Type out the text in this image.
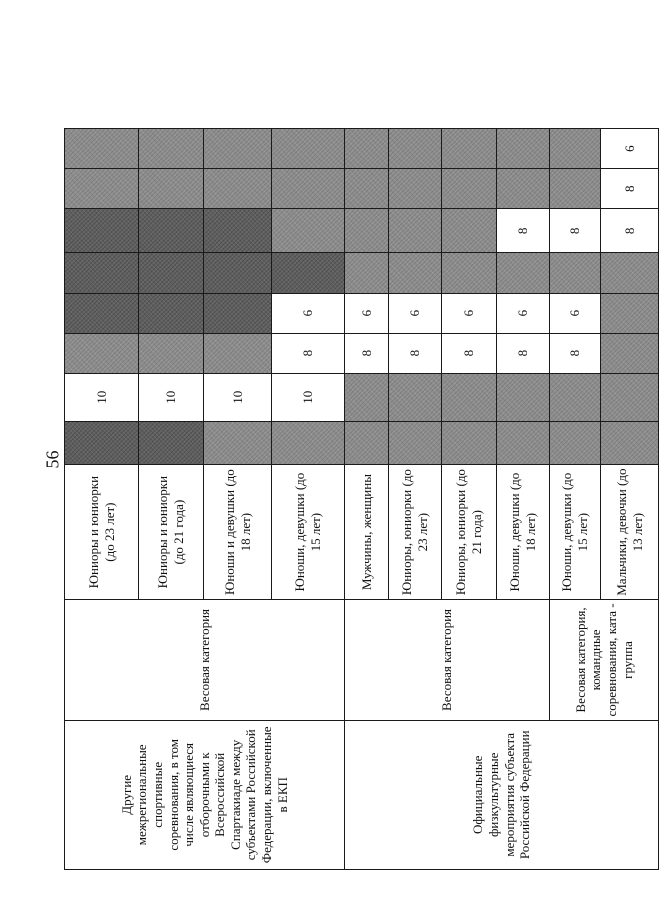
56

Другие межрегиональные спортивные соревнования, в том числе являющиеся отборочными к Всероссийской Спартакиаде между субъектами Российской Федерации, включенные в ЕКП	Весовая категория	Юниоры и юниорки (до 23 лет)		10						
		Юниоры и юниорки (до 21 года)		10						
		Юноши и девушки (до 18 лет)		10						
		Юноши, девушки (до 15 лет)		10	8	6				
Официальные физкультурные мероприятия субъекта Российской Федерации	Весовая категория	Мужчины, женщины			8	6				
		Юниоры, юниорки (до 23 лет)			8	6				
		Юниоры, юниорки (до 21 года)			8	6				
		Юноши, девушки (до 18 лет)			8	6		8		
	Весовая категория, командные соревнования, ката - группа	Юноши, девушки (до 15 лет)			8	6		8		
		Мальчики, девочки (до 13 лет)						8	8	6
